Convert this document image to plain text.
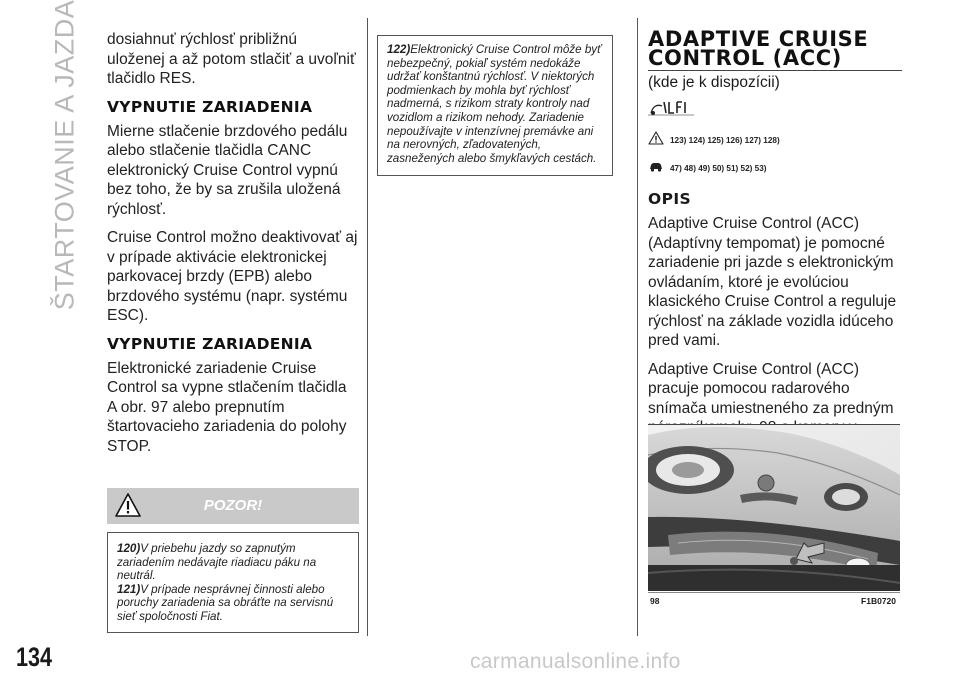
ŠTARTOVANIE A JAZDA
134

dosiahnuť rýchlosť približnú uloženej a až potom stlačiť a uvoľniť tlačidlo RES.

VYPNUTIE ZARIADENIA

Mierne stlačenie brzdového pedálu alebo stlačenie tlačidla CANC elektronický Cruise Control vypnú bez toho, že by sa zrušila uložená rýchlosť.

Cruise Control možno deaktivovať aj v prípade aktivácie elektronickej parkovacej brzdy (EPB) alebo brzdového systému (napr. systému ESC).

VYPNUTIE ZARIADENIA

Elektronické zariadenie Cruise Control sa vypne stlačením tlačidla A obr. 97 alebo prepnutím štartovacieho zariadenia do polohy STOP.

POZOR!

120)V priebehu jazdy so zapnutým zariadením nedávajte riadiacu páku na neutrál.

121)V prípade nesprávnej činnosti alebo poruchy zariadenia sa obráťte na servisnú sieť spoločnosti Fiat.

122)Elektronický Cruise Control môže byť nebezpečný, pokiaľ systém nedokáže udržať konštantnú rýchlosť. V niektorých podmienkach by mohla byť rýchlosť nadmerná, s rizikom straty kontroly nad vozidlom a rizikom nehody. Zariadenie nepoužívajte v intenzívnej premávke ani na nerovných, zľadovatených, zasnežených alebo šmykľavých cestách.

ADAPTIVE CRUISE
CONTROL (ACC)

(kde je k dispozícii)

123) 124) 125) 126) 127) 128)
47) 48) 49) 50) 51) 52) 53)
OPIS

Adaptive Cruise Control (ACC) (Adaptívny tempomat) je pomocné zariadenie pri jazde s elektronickým ovládaním, ktoré je evolúciou klasického Cruise Control a reguluje rýchlosť na základe vozidla idúceho pred vami.

Adaptive Cruise Control (ACC) pracuje pomocou radarového snímača umiestneného za predným

98	F1B0720
carmanualsonline.info
